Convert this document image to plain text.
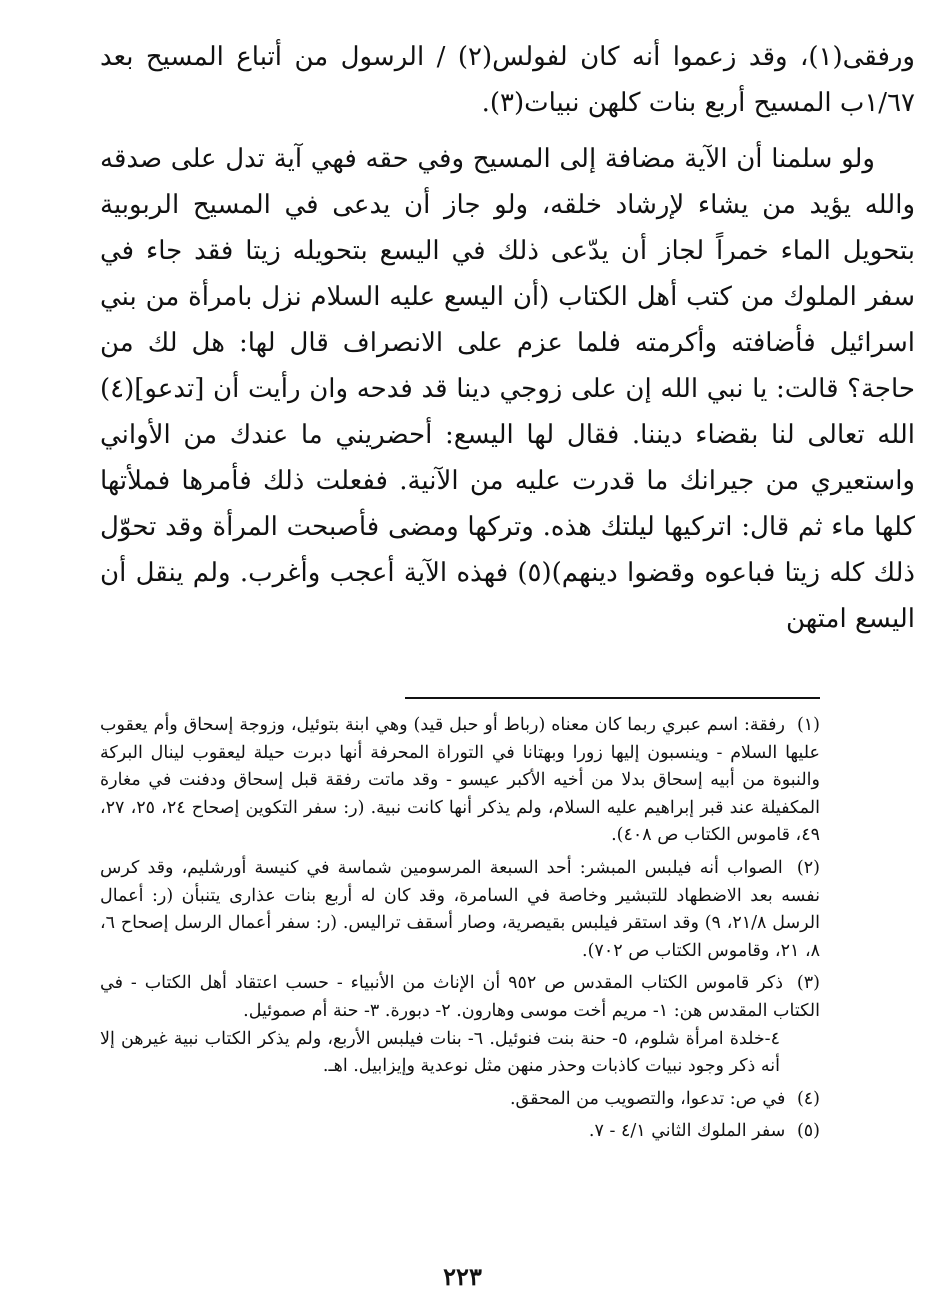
ورفقى(١)، وقد زعموا أنه كان لفولس(٢) / الرسول من أتباع المسيح بعد ١/٦٧ب المسيح أربع بنات كلهن نبيات(٣).

ولو سلمنا أن الآية مضافة إلى المسيح وفي حقه فهي آية تدل على صدقه والله يؤيد من يشاء لإرشاد خلقه، ولو جاز أن يدعى في المسيح الربوبية بتحويل الماء خمراً لجاز أن يدّعى ذلك في اليسع بتحويله زيتا فقد جاء في سفر الملوك من كتب أهل الكتاب (أن اليسع عليه السلام نزل بامرأة من بني اسرائيل فأضافته وأكرمته فلما عزم على الانصراف قال لها: هل لك من حاجة؟ قالت: يا نبي الله إن على زوجي دينا قد فدحه وان رأيت أن [تدعو](٤) الله تعالى لنا بقضاء ديننا. فقال لها اليسع: أحضريني ما عندك من الأواني واستعيري من جيرانك ما قدرت عليه من الآنية. ففعلت ذلك فأمرها فملأتها كلها ماء ثم قال: اتركيها ليلتك هذه. وتركها ومضى فأصبحت المرأة وقد تحوّل ذلك كله زيتا فباعوه وقضوا دينهم)(٥) فهذه الآية أعجب وأغرب. ولم ينقل أن اليسع امتهن

(١) رفقة: اسم عبري ربما كان معناه (رباط أو حبل قيد) وهي ابنة بتوئيل، وزوجة إسحاق وأم يعقوب عليها السلام - وينسبون إليها زورا وبهتانا في التوراة المحرفة أنها دبرت حيلة ليعقوب لينال البركة والنبوة من أبيه إسحاق بدلا من أخيه الأكبر عيسو - وقد ماتت رفقة قبل إسحاق ودفنت في مغارة المكفيلة عند قبر إبراهيم عليه السلام، ولم يذكر أنها كانت نبية. (ر: سفر التكوين إصحاح ٢٤، ٢٥، ٢٧، ٤٩، قاموس الكتاب ص ٤٠٨).

(٢) الصواب أنه فيلبس المبشر: أحد السبعة المرسومين شماسة في كنيسة أورشليم، وقد كرس نفسه بعد الاضطهاد للتبشير وخاصة في السامرة، وقد كان له أربع بنات عذارى يتنبأن (ر: أعمال الرسل ٢١/٨، ٩) وقد استقر فيلبس بقيصرية، وصار أسقف تراليس. (ر: سفر أعمال الرسل إصحاح ٦، ٨، ٢١، وقاموس الكتاب ص ٧٠٢).

(٣) ذكر قاموس الكتاب المقدس ص ٩٥٢ أن الإناث من الأنبياء - حسب اعتقاد أهل الكتاب - في الكتاب المقدس هن: ١- مريم أخت موسى وهارون. ٢- دبورة. ٣- حنة أم صموئيل.
٤-خلدة امرأة شلوم، ٥- حنة بنت فنوئيل. ٦- بنات فيلبس الأربع، ولم يذكر الكتاب نبية غيرهن إلا أنه ذكر وجود نبيات كاذبات وحذر منهن مثل نوعدية وإيزابيل. اهـ.

(٤) في ص: تدعوا، والتصويب من المحقق.

(٥) سفر الملوك الثاني ٤/١ - ٧.

٢٢٣
